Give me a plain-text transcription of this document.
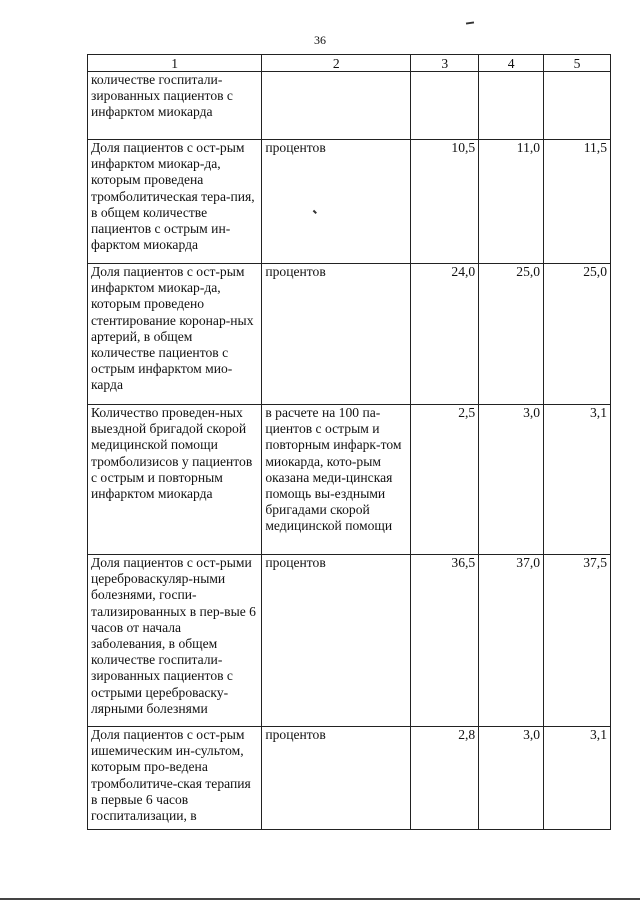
36
1	2	3	4	5
количестве госпитали-зированных пациентов с инфарктом миокарда				
Доля пациентов с ост-рым инфарктом миокар-да, которым проведена тромболитическая тера-пия, в общем количестве пациентов с острым ин-фарктом миокарда	процентов	10,5	11,0	11,5
Доля пациентов с ост-рым инфарктом миокар-да, которым проведено стентирование коронар-ных артерий, в общем количестве пациентов с острым инфарктом мио-карда	процентов	24,0	25,0	25,0
Количество проведен-ных выездной бригадой скорой медицинской помощи тромболизисов у пациентов с острым и повторным инфарктом миокарда	в расчете на 100 па-циентов с острым и повторным инфарк-том миокарда, кото-рым оказана меди-цинская помощь вы-ездными бригадами скорой медицинской помощи	2,5	3,0	3,1
Доля пациентов с ост-рыми цереброваскуляр-ными болезнями, госпи-тализированных в пер-вые 6 часов от начала заболевания, в общем количестве госпитали-зированных пациентов с острыми цереброваску-лярными болезнями	процентов	36,5	37,0	37,5
Доля пациентов с ост-рым ишемическим ин-сультом, которым про-ведена тромболитиче-ская терапия в первые 6 часов госпитализации, в	процентов	2,8	3,0	3,1
